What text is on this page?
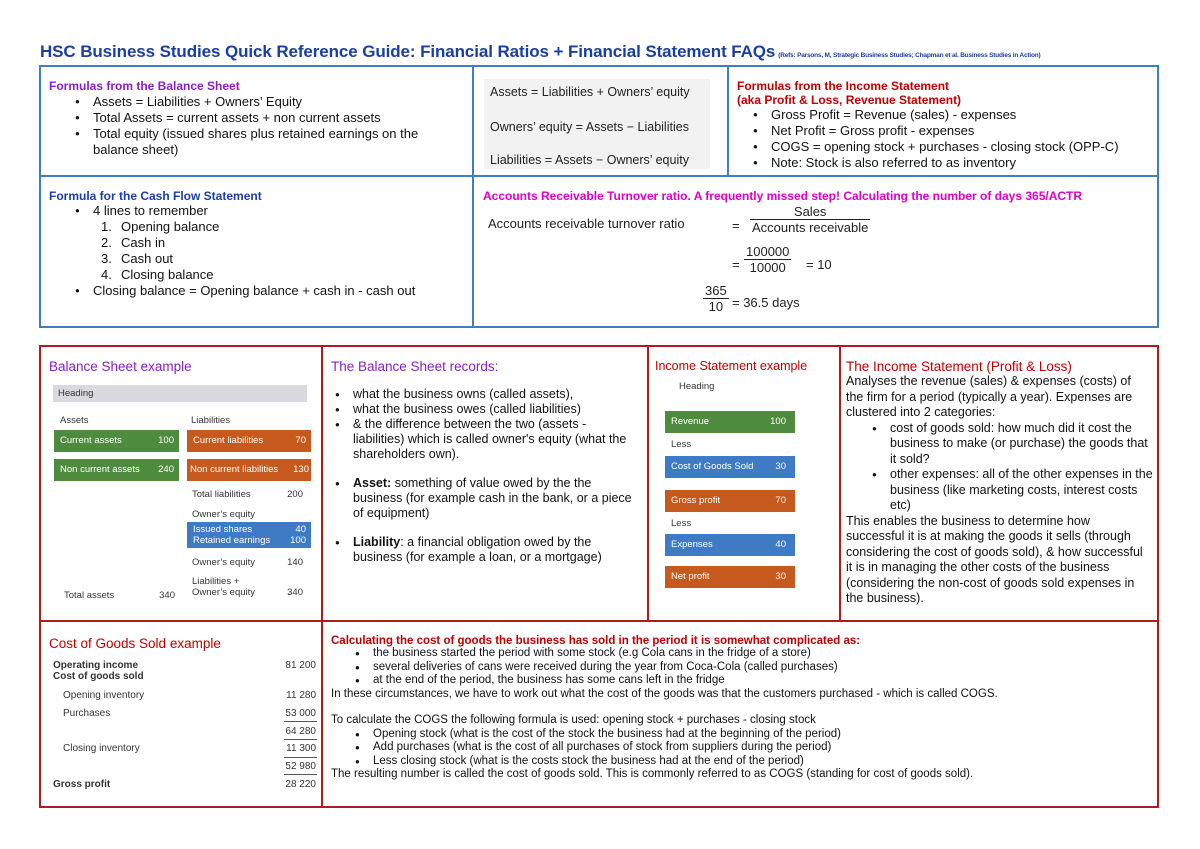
HSC Business Studies Quick Reference Guide: Financial Ratios + Financial Statement FAQs (Refs: Parsons, M, Strategic Business Studies; Chapman et al. Business Studies in Action)
Formulas from the Balance Sheet
● Assets = Liabilities + Owners’ Equity
● Total Assets = current assets + non current assets
● Total equity (issued shares plus retained earnings on the balance sheet)
Assets = Liabilities + Owners’ equity
Owners’ equity = Assets − Liabilities
Liabilities = Assets − Owners’ equity
Formulas from the Income Statement
(aka Profit & Loss, Revenue Statement)
● Gross Profit = Revenue (sales) - expenses
● Net Profit = Gross profit - expenses
● COGS = opening stock + purchases - closing stock (OPP-C)
● Note: Stock is also referred to as inventory
Formula for the Cash Flow Statement
● 4 lines to remember
1. Opening balance
2. Cash in
3. Cash out
4. Closing balance
● Closing balance = Opening balance + cash in - cash out
Accounts Receivable Turnover ratio. A frequently missed step! Calculating the number of days 365/ACTR
Accounts receivable turnover ratio	=
Sales
Accounts receivable
= $\frac{100000}{10000} = 10$
$\frac{365}{10} = 36.5$ days
Balance Sheet example
Heading
Assets	Liabilities
Current assets	100
Non current assets 240
Current liabilities	70
Non current liabilities 130
Total liabilities	200
Owner’s equity
Issued shares	40
Retained earnings 100
Owner’s equity	140
Liabilities +
Owner’s equity	340
Total assets	340
The Balance Sheet records:
● what the business owns (called assets),
● what the business owes (called liabilities)
● & the difference between the two (assets - liabilities) which is called owner's equity (what the shareholders own).
● Asset: something of value owed by the the business (for example cash in the bank, or a piece of equipment)
● Liability: a financial obligation owed by the business (for example a loan, or a mortgage)
Income Statement example
Heading
Revenue	100
Less
Cost of Goods Sold 30
Gross profit	70
Less
Expenses	40
Net profit	30
The Income Statement (Profit & Loss)
Analyses the revenue (sales) & expenses (costs) of the firm for a period (typically a year). Expenses are clustered into 2 categories:
● cost of goods sold: how much did it cost the business to make (or purchase) the goods that it sold?
● other expenses: all of the other expenses in the business (like marketing costs, interest costs etc)
This enables the business to determine how successful it is at making the goods it sells (through considering the cost of goods sold), & how successful it is in managing the other costs of the business (considering the non-cost of goods sold expenses in the business).
Cost of Goods Sold example
Operating income	81 200
Cost of goods sold
Opening inventory	11 280
Purchases	53 000
64 280
Closing inventory	11 300
52 980
Gross profit	28 220
Calculating the cost of goods the business has sold in the period it is somewhat complicated as:
● the business started the period with some stock (e.g Cola cans in the fridge of a store)
● several deliveries of cans were received during the year from Coca-Cola (called purchases)
● at the end of the period, the business has some cans left in the fridge
In these circumstances, we have to work out what the cost of the goods was that the customers purchased - which is called COGS.
To calculate the COGS the following formula is used: opening stock + purchases - closing stock
● Opening stock (what is the cost of the stock the business had at the beginning of the period)
● Add purchases (what is the cost of all purchases of stock from suppliers during the period)
● Less closing stock (what is the costs stock the business had at the end of the period)
The resulting number is called the cost of goods sold. This is commonly referred to as COGS (standing for cost of goods sold).
